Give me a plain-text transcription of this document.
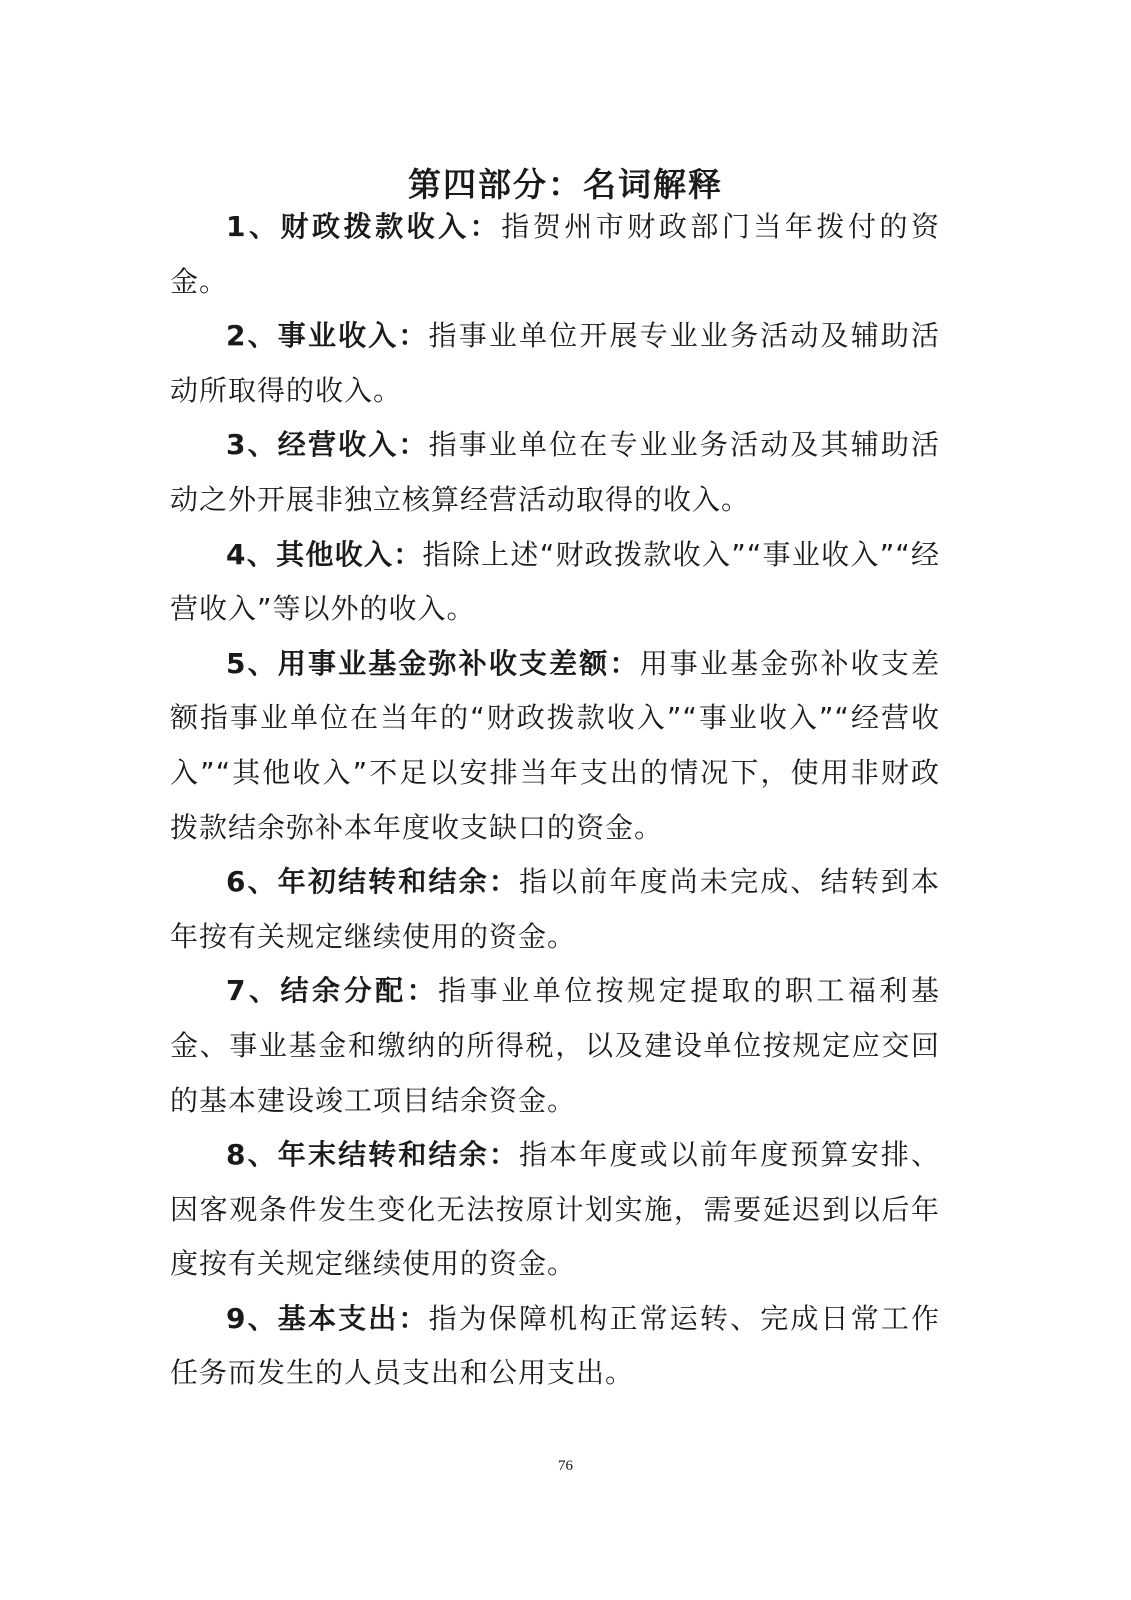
第四部分：名词解释

1、财政拨款收入：指贺州市财政部门当年拨付的资金。

2、事业收入：指事业单位开展专业业务活动及辅助活动所取得的收入。

3、经营收入：指事业单位在专业业务活动及其辅助活动之外开展非独立核算经营活动取得的收入。

4、其他收入：指除上述“财政拨款收入”“事业收入”“经营收入”等以外的收入。

5、用事业基金弥补收支差额：用事业基金弥补收支差额指事业单位在当年的“财政拨款收入”“事业收入”“经营收入”“其他收入”不足以安排当年支出的情况下，使用非财政拨款结余弥补本年度收支缺口的资金。

6、年初结转和结余：指以前年度尚未完成、结转到本年按有关规定继续使用的资金。

7、结余分配：指事业单位按规定提取的职工福利基金、事业基金和缴纳的所得税，以及建设单位按规定应交回的基本建设竣工项目结余资金。

8、年末结转和结余：指本年度或以前年度预算安排、因客观条件发生变化无法按原计划实施，需要延迟到以后年度按有关规定继续使用的资金。

9、基本支出：指为保障机构正常运转、完成日常工作任务而发生的人员支出和公用支出。

76
